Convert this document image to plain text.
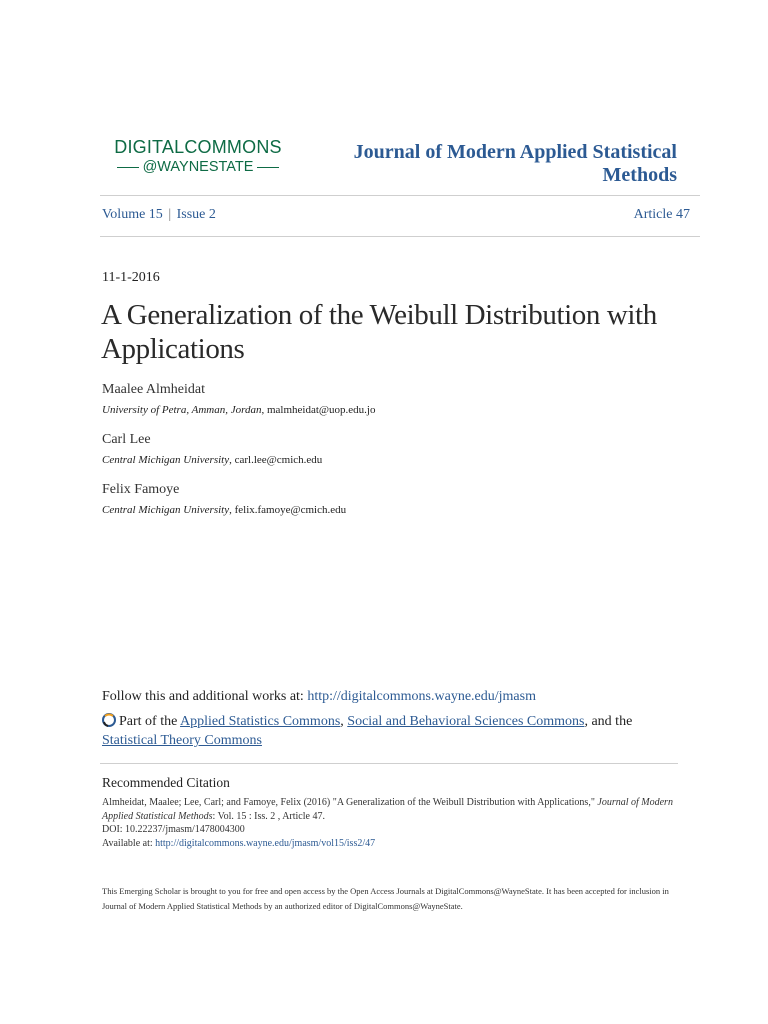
DIGITALCOMMONS
@WAYNESTATE
Journal of Modern Applied Statistical
Methods
Volume 15 | Issue 2	Article 47
11-1-2016
A Generalization of the Weibull Distribution with Applications
Maalee Almheidat
University of Petra, Amman, Jordan, malmheidat@uop.edu.jo
Carl Lee
Central Michigan University, carl.lee@cmich.edu
Felix Famoye
Central Michigan University, felix.famoye@cmich.edu
Follow this and additional works at: http://digitalcommons.wayne.edu/jmasm
Part of the Applied Statistics Commons, Social and Behavioral Sciences Commons, and the
Statistical Theory Commons
Recommended Citation
Almheidat, Maalee; Lee, Carl; and Famoye, Felix (2016) "A Generalization of the Weibull Distribution with Applications," Journal of Modern Applied Statistical Methods: Vol. 15 : Iss. 2 , Article 47.
DOI: 10.22237/jmasm/1478004300
Available at: http://digitalcommons.wayne.edu/jmasm/vol15/iss2/47
This Emerging Scholar is brought to you for free and open access by the Open Access Journals at DigitalCommons@WayneState. It has been accepted for inclusion in Journal of Modern Applied Statistical Methods by an authorized editor of DigitalCommons@WayneState.
